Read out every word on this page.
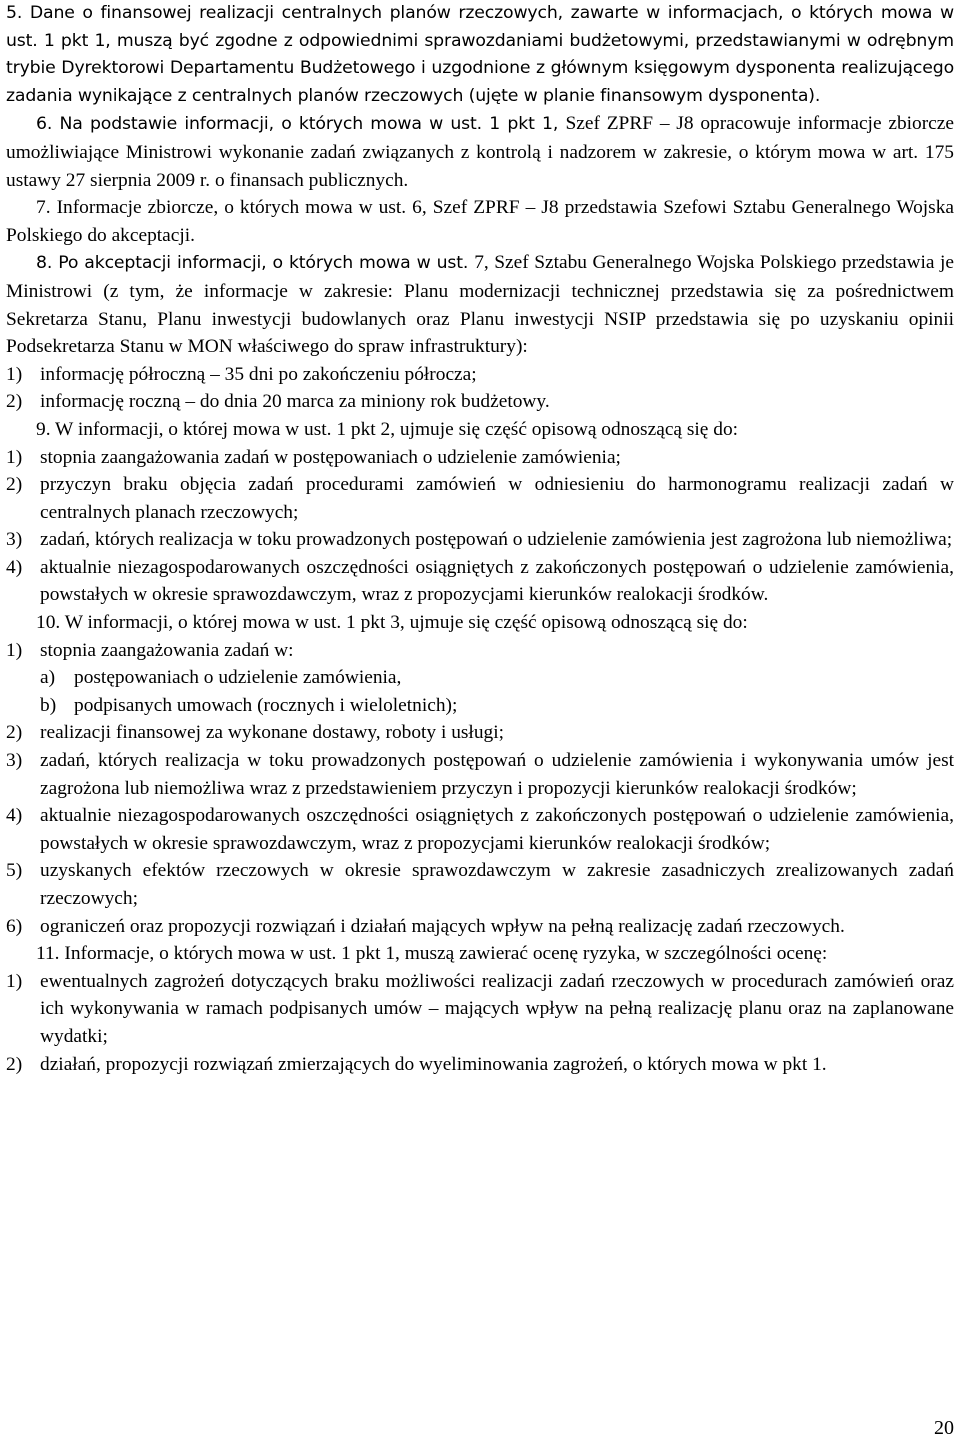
5. Dane o finansowej realizacji centralnych planów rzeczowych, zawarte w informacjach, o których mowa w ust. 1 pkt 1, muszą być zgodne z odpowiednimi sprawozdaniami budżetowymi, przedstawianymi w odrębnym trybie Dyrektorowi Departamentu Budżetowego i uzgodnione z głównym księgowym dysponenta realizującego zadania wynikające z centralnych planów rzeczowych (ujęte w planie finansowym dysponenta).

6. Na podstawie informacji, o których mowa w ust. 1 pkt 1, Szef ZPRF – J8 opracowuje informacje zbiorcze umożliwiające Ministrowi wykonanie zadań związanych z kontrolą i nadzorem w zakresie, o którym mowa w art. 175 ustawy 27 sierpnia 2009 r. o finansach publicznych.

7. Informacje zbiorcze, o których mowa w ust. 6, Szef ZPRF – J8 przedstawia Szefowi Sztabu Generalnego Wojska Polskiego do akceptacji.

8. Po akceptacji informacji, o których mowa w ust. 7, Szef Sztabu Generalnego Wojska Polskiego przedstawia je Ministrowi (z tym, że informacje w zakresie: Planu modernizacji technicznej przedstawia się za pośrednictwem Sekretarza Stanu, Planu inwestycji budowlanych oraz Planu inwestycji NSIP przedstawia się po uzyskaniu opinii Podsekretarza Stanu w MON właściwego do spraw infrastruktury):

1) informację półroczną – 35 dni po zakończeniu półrocza;
2) informację roczną – do dnia 20 marca za miniony rok budżetowy.

9. W informacji, o której mowa w ust. 1 pkt 2, ujmuje się część opisową odnoszącą się do:

1) stopnia zaangażowania zadań w postępowaniach o udzielenie zamówienia;
2) przyczyn braku objęcia zadań procedurami zamówień w odniesieniu do harmonogramu realizacji zadań w centralnych planach rzeczowych;
3) zadań, których realizacja w toku prowadzonych postępowań o udzielenie zamówienia jest zagrożona lub niemożliwa;
4) aktualnie niezagospodarowanych oszczędności osiągniętych z zakończonych postępowań o udzielenie zamówienia, powstałych w okresie sprawozdawczym, wraz z propozycjami kierunków realokacji środków.

10. W informacji, o której mowa w ust. 1 pkt 3, ujmuje się część opisową odnoszącą się do:

1) stopnia zaangażowania zadań w:
a) postępowaniach o udzielenie zamówienia,
b) podpisanych umowach (rocznych i wieloletnich);
2) realizacji finansowej za wykonane dostawy, roboty i usługi;
3) zadań, których realizacja w toku prowadzonych postępowań o udzielenie zamówienia i wykonywania umów jest zagrożona lub niemożliwa wraz z przedstawieniem przyczyn i propozycji kierunków realokacji środków;
4) aktualnie niezagospodarowanych oszczędności osiągniętych z zakończonych postępowań o udzielenie zamówienia, powstałych w okresie sprawozdawczym, wraz z propozycjami kierunków realokacji środków;
5) uzyskanych efektów rzeczowych w okresie sprawozdawczym w zakresie zasadniczych zrealizowanych zadań rzeczowych;
6) ograniczeń oraz propozycji rozwiązań i działań mających wpływ na pełną realizację zadań rzeczowych.

11. Informacje, o których mowa w ust. 1 pkt 1, muszą zawierać ocenę ryzyka, w szczególności ocenę:

1) ewentualnych zagrożeń dotyczących braku możliwości realizacji zadań rzeczowych w procedurach zamówień oraz ich wykonywania w ramach podpisanych umów – mających wpływ na pełną realizację planu oraz na zaplanowane wydatki;
2) działań, propozycji rozwiązań zmierzających do wyeliminowania zagrożeń, o których mowa w pkt 1.
20
